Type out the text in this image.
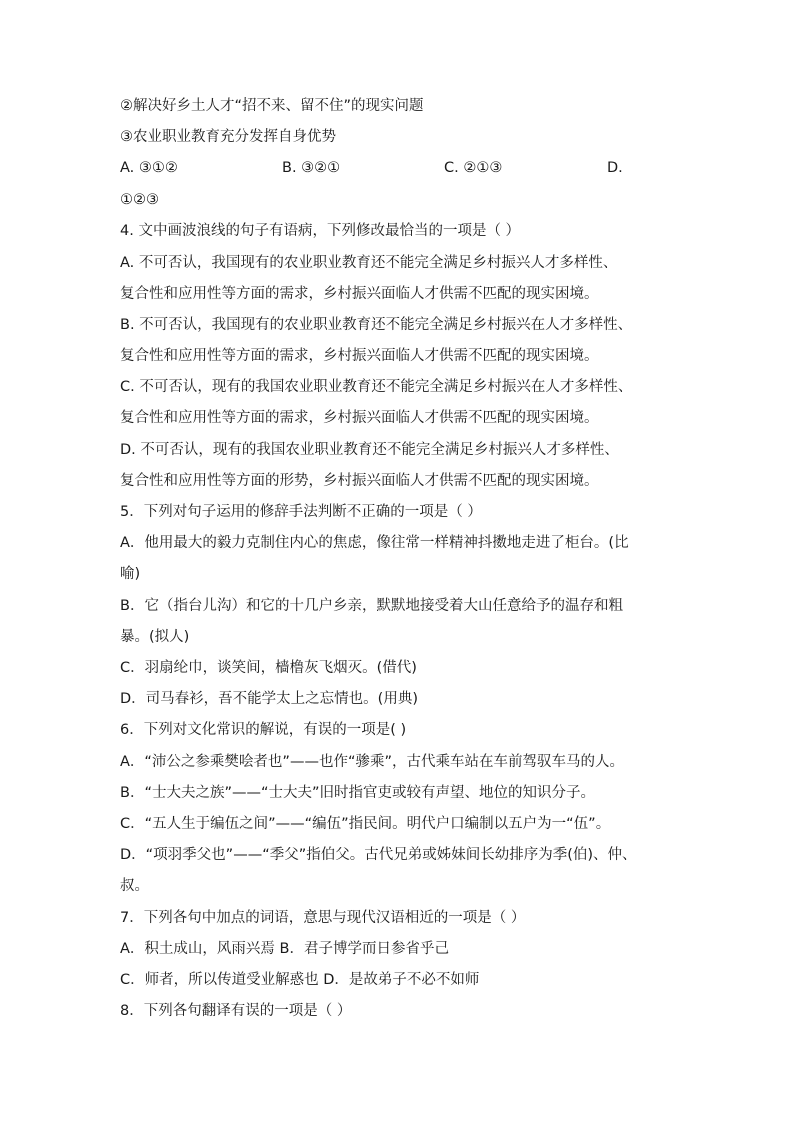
②解决好乡土人才“招不来、留不住”的现实问题
③农业职业教育充分发挥自身优势
A. ③①②	B. ③②①	C. ②①③	D.
①②③
4. 文中画波浪线的句子有语病，下列修改最恰当的一项是（ ）
A. 不可否认，我国现有的农业职业教育还不能完全满足乡村振兴人才多样性、
复合性和应用性等方面的需求，乡村振兴面临人才供需不匹配的现实困境。
B. 不可否认，我国现有的农业职业教育还不能完全满足乡村振兴在人才多样性、
复合性和应用性等方面的需求，乡村振兴面临人才供需不匹配的现实困境。
C. 不可否认，现有的我国农业职业教育还不能完全满足乡村振兴在人才多样性、
复合性和应用性等方面的需求，乡村振兴面临人才供需不匹配的现实困境。
D. 不可否认，现有的我国农业职业教育还不能完全满足乡村振兴人才多样性、
复合性和应用性等方面的形势，乡村振兴面临人才供需不匹配的现实困境。
5．下列对句子运用的修辞手法判断不正确的一项是（ ）
A．他用最大的毅力克制住内心的焦虑，像往常一样精神抖擞地走进了柜台。(比
喻)
B．它（指台儿沟）和它的十几户乡亲，默默地接受着大山任意给予的温存和粗
暴。(拟人)
C．羽扇纶巾，谈笑间，樯橹灰飞烟灭。(借代)
D．司马春衫，吾不能学太上之忘情也。(用典)
6．下列对文化常识的解说，有误的一项是( )
A．“沛公之参乘樊哙者也”——也作“骖乘”，古代乘车站在车前驾驭车马的人。
B．“士大夫之族”——“士大夫”旧时指官吏或较有声望、地位的知识分子。
C．“五人生于编伍之间”——“编伍”指民间。明代户口编制以五户为一“伍”。
D．“项羽季父也”——“季父”指伯父。古代兄弟或姊妹间长幼排序为季(伯)、仲、
叔。
7．下列各句中加点的词语，意思与现代汉语相近的一项是（ ）
A．积土成山，风雨兴焉 B．君子博学而日参省乎己
C．师者，所以传道受业解惑也 D．是故弟子不必不如师
8．下列各句翻译有误的一项是（ ）
